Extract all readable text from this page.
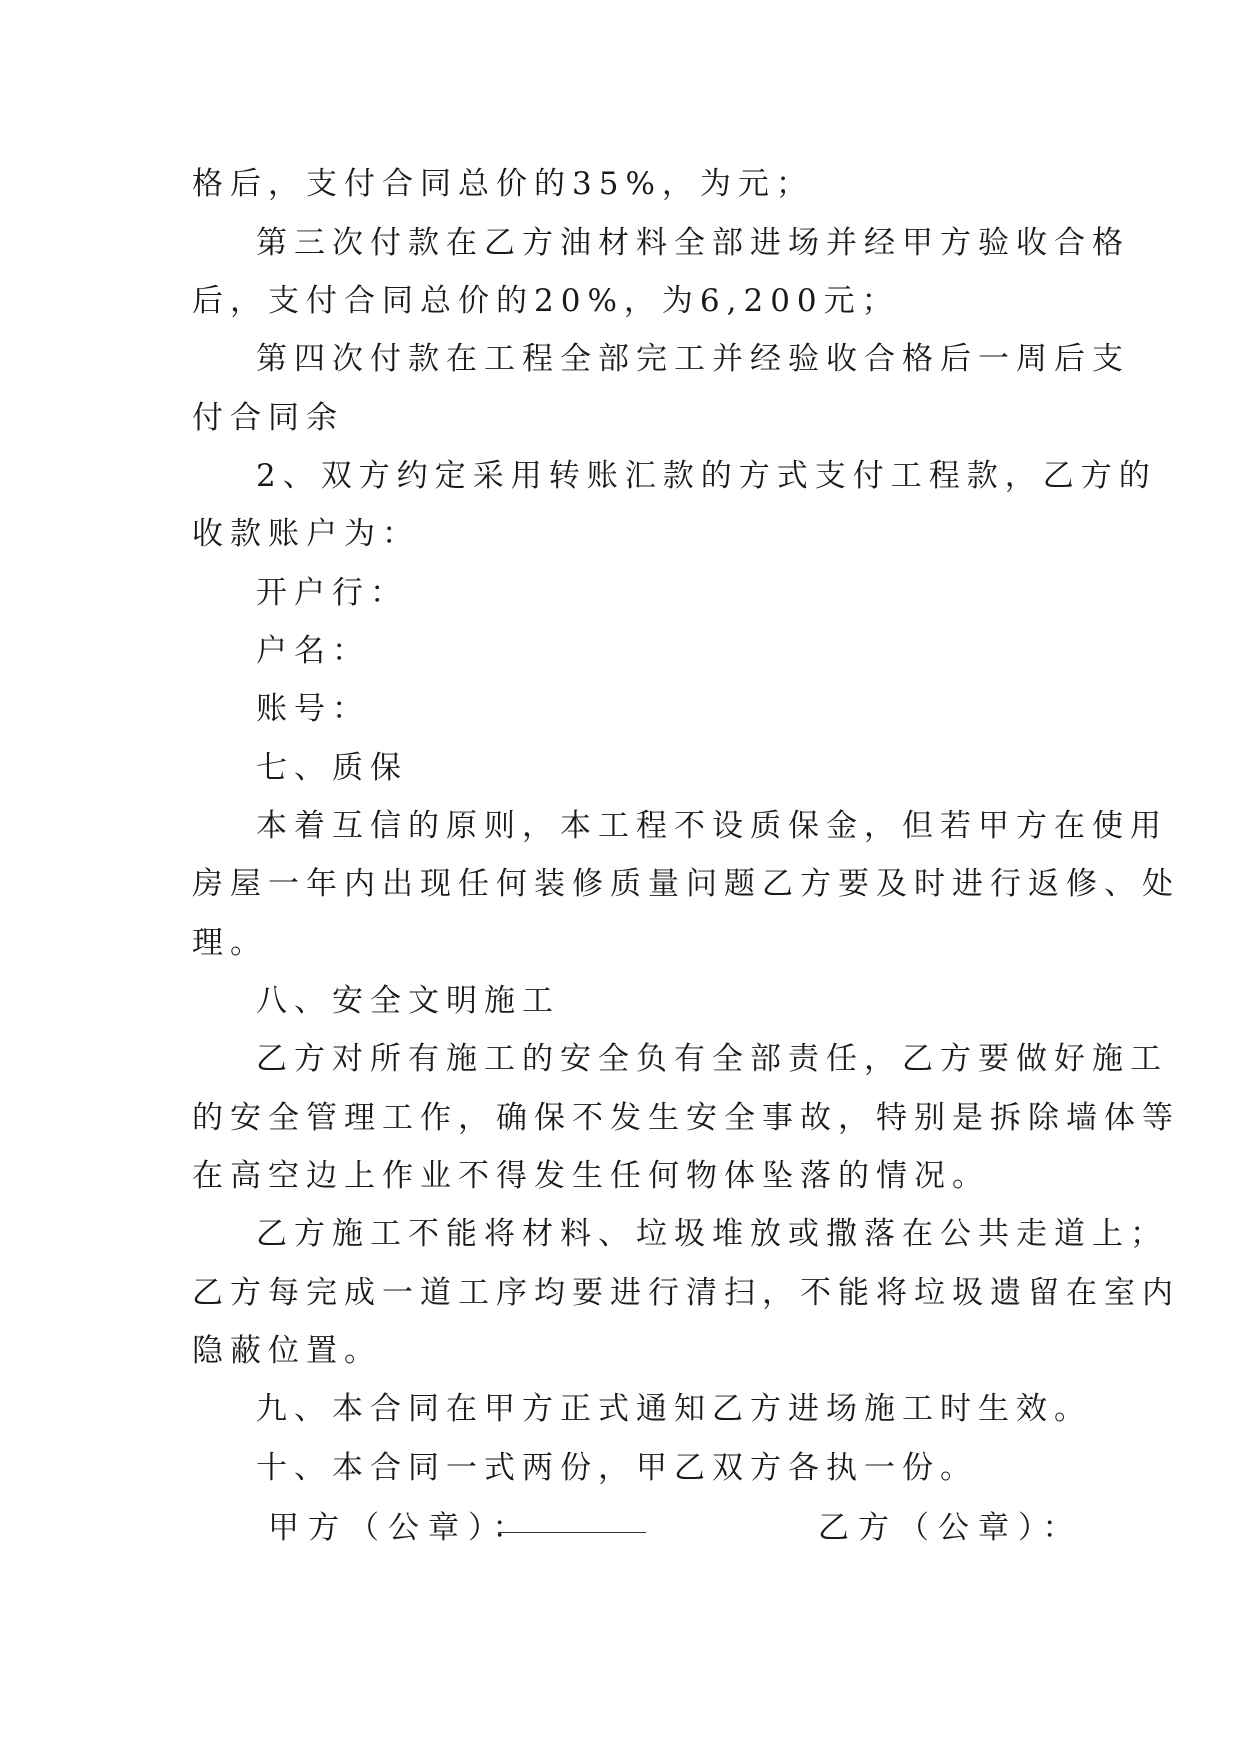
格后，支付合同总价的35%，为元；
第三次付款在乙方油材料全部进场并经甲方验收合格
后，支付合同总价的20%，为6,200元；
第四次付款在工程全部完工并经验收合格后一周后支
付合同余
2、双方约定采用转账汇款的方式支付工程款，乙方的
收款账户为：
开户行：
户名：
账号：
七、质保
本着互信的原则，本工程不设质保金，但若甲方在使用
房屋一年内出现任何装修质量问题乙方要及时进行返修、处
理。
八、安全文明施工
乙方对所有施工的安全负有全部责任，乙方要做好施工
的安全管理工作，确保不发生安全事故，特别是拆除墙体等
在高空边上作业不得发生任何物体坠落的情况。
乙方施工不能将材料、垃圾堆放或撒落在公共走道上；
乙方每完成一道工序均要进行清扫，不能将垃圾遗留在室内
隐蔽位置。
九、本合同在甲方正式通知乙方进场施工时生效。
十、本合同一式两份，甲乙双方各执一份。
甲方（公章）：	乙方（公章）：
